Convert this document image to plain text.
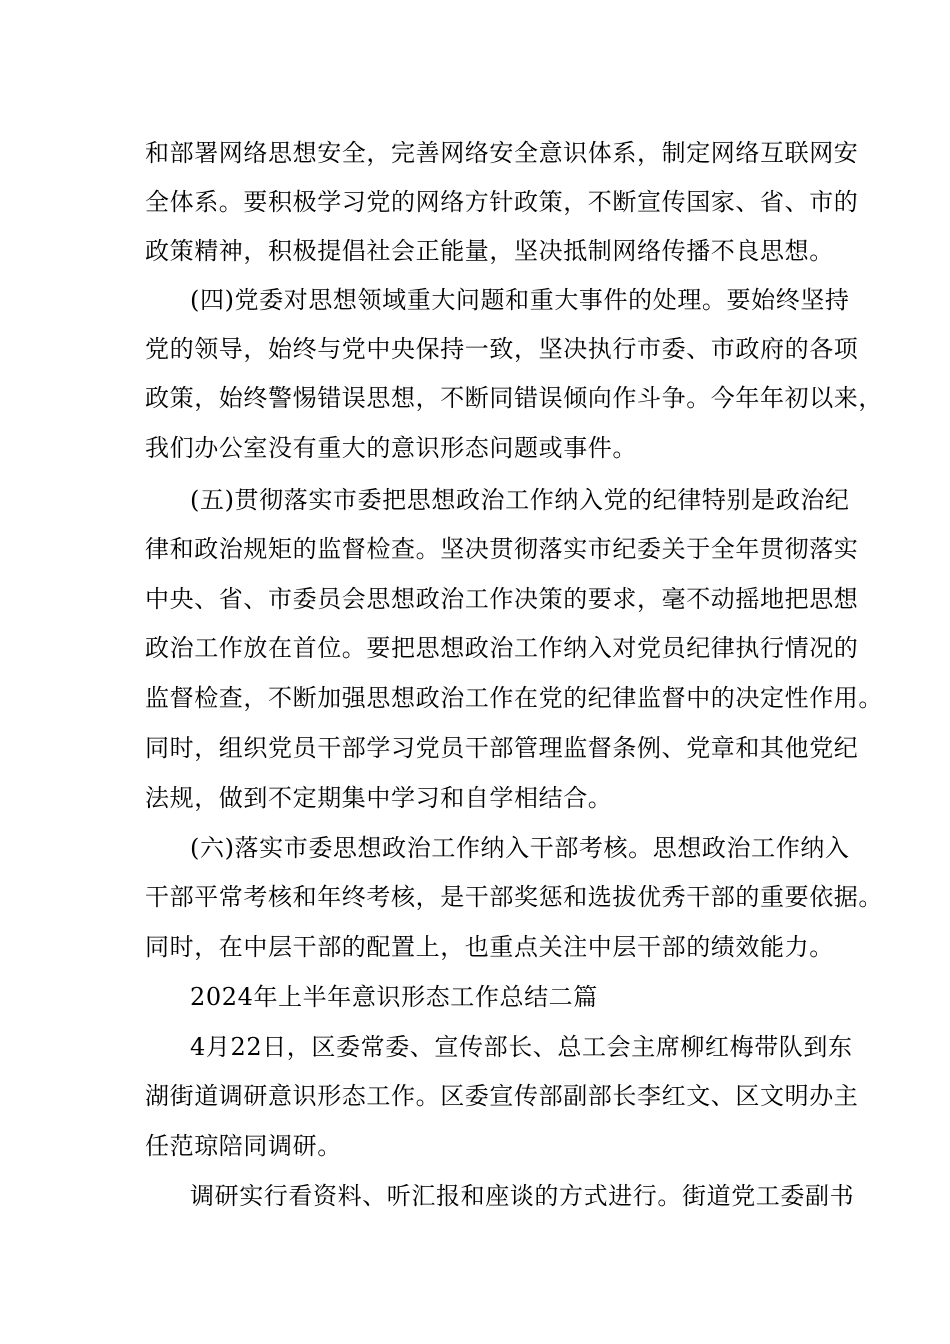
和部署网络思想安全，完善网络安全意识体系，制定网络互联网安
全体系。要积极学习党的网络方针政策，不断宣传国家、省、市的
政策精神，积极提倡社会正能量，坚决抵制网络传播不良思想。
(四)党委对思想领域重大问题和重大事件的处理。要始终坚持
党的领导，始终与党中央保持一致，坚决执行市委、市政府的各项
政策，始终警惕错误思想，不断同错误倾向作斗争。今年年初以来，
我们办公室没有重大的意识形态问题或事件。
(五)贯彻落实市委把思想政治工作纳入党的纪律特别是政治纪
律和政治规矩的监督检查。坚决贯彻落实市纪委关于全年贯彻落实
中央、省、市委员会思想政治工作决策的要求，毫不动摇地把思想
政治工作放在首位。要把思想政治工作纳入对党员纪律执行情况的
监督检查，不断加强思想政治工作在党的纪律监督中的决定性作用。
同时，组织党员干部学习党员干部管理监督条例、党章和其他党纪
法规，做到不定期集中学习和自学相结合。
(六)落实市委思想政治工作纳入干部考核。思想政治工作纳入
干部平常考核和年终考核，是干部奖惩和选拔优秀干部的重要依据。
同时，在中层干部的配置上，也重点关注中层干部的绩效能力。
2024年上半年意识形态工作总结二篇
4月22日，区委常委、宣传部长、总工会主席柳红梅带队到东
湖街道调研意识形态工作。区委宣传部副部长李红文、区文明办主
任范琼陪同调研。
调研实行看资料、听汇报和座谈的方式进行。街道党工委副书
